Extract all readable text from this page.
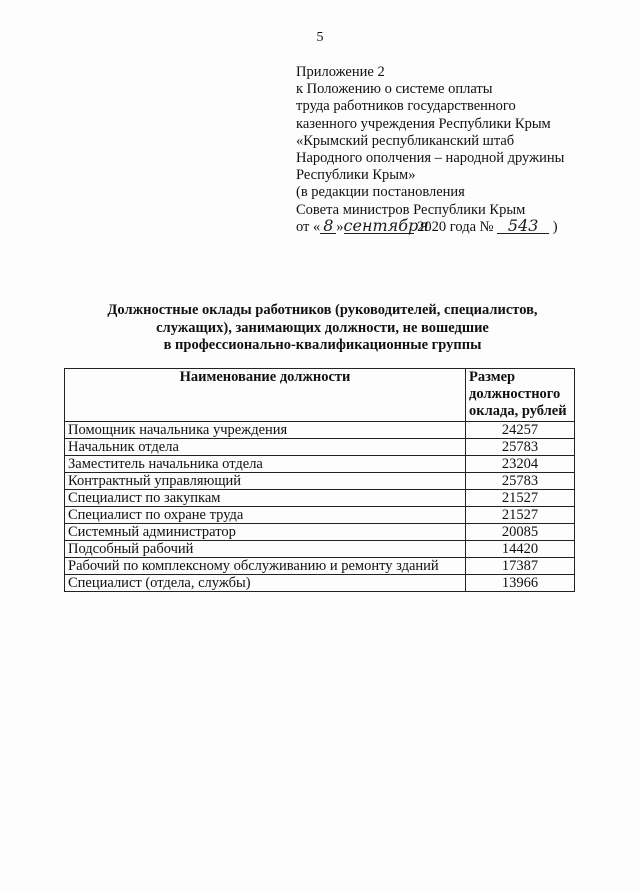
5
Приложение 2
к Положению о системе оплаты
труда работников государственного
казенного учреждения Республики Крым
«Крымский республиканский штаб
Народного ополчения – народной дружины
Республики Крым»
(в редакции постановления
Совета министров Республики Крым
от « 8 »сентября 2020 года № 543 )
Должностные оклады работников (руководителей, специалистов,
служащих), занимающих должности, не вошедшие
в профессионально-квалификационные группы
Наименование должности	Размер
должностного
оклада, рублей

Помощник начальника учреждения	24257
Начальник отдела	25783
Заместитель начальника отдела	23204
Контрактный управляющий	25783
Специалист по закупкам	21527
Специалист по охране труда	21527
Системный администратор	20085
Подсобный рабочий	14420
Рабочий по комплексному обслуживанию и ремонту зданий	17387
Специалист (отдела, службы)	13966
